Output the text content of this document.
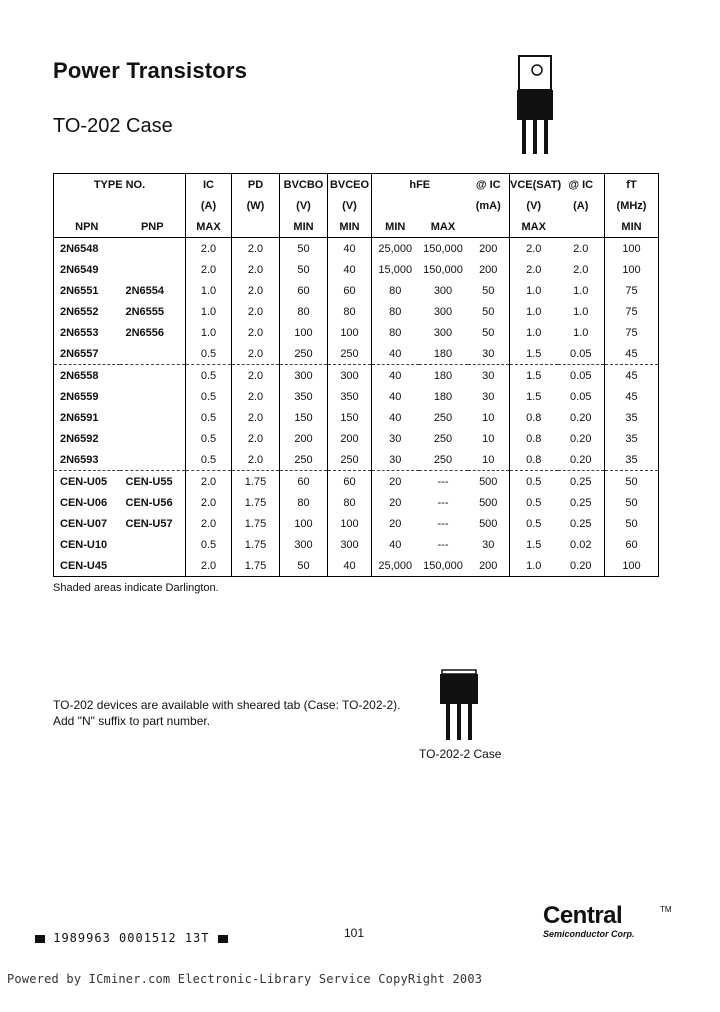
Power Transistors
TO-202 Case
TYPE NO.		IC	PD	BVCBO	BVCEO	hFE		@ IC	VCE(SAT)	@ IC	fT
		(A)	(W)	(V)	(V)			(mA)	(V)	(A)	(MHz)
NPN	PNP	MAX		MIN	MIN	MIN	MAX		MAX		MIN
2N6548		2.0	2.0	50	40	25,000	150,000	200	2.0	2.0	100
2N6549		2.0	2.0	50	40	15,000	150,000	200	2.0	2.0	100
2N6551	2N6554	1.0	2.0	60	60	80	300	50	1.0	1.0	75
2N6552	2N6555	1.0	2.0	80	80	80	300	50	1.0	1.0	75
2N6553	2N6556	1.0	2.0	100	100	80	300	50	1.0	1.0	75
2N6557		0.5	2.0	250	250	40	180	30	1.5	0.05	45
2N6558		0.5	2.0	300	300	40	180	30	1.5	0.05	45
2N6559		0.5	2.0	350	350	40	180	30	1.5	0.05	45
2N6591		0.5	2.0	150	150	40	250	10	0.8	0.20	35
2N6592		0.5	2.0	200	200	30	250	10	0.8	0.20	35
2N6593		0.5	2.0	250	250	30	250	10	0.8	0.20	35
CEN-U05	CEN-U55	2.0	1.75	60	60	20	---	500	0.5	0.25	50
CEN-U06	CEN-U56	2.0	1.75	80	80	20	---	500	0.5	0.25	50
CEN-U07	CEN-U57	2.0	1.75	100	100	20	---	500	0.5	0.25	50
CEN-U10		0.5	1.75	300	300	40	---	30	1.5	0.02	60
CEN-U45		2.0	1.75	50	40	25,000	150,000	200	1.0	0.20	100
Shaded areas indicate Darlington.
TO-202 devices are available with sheared tab (Case: TO-202-2).
Add "N" suffix to part number.
TO-202-2 Case
1989963 0001512 13T	101
Central	TM
Semiconductor Corp.
Powered by ICminer.com Electronic-Library Service CopyRight 2003
